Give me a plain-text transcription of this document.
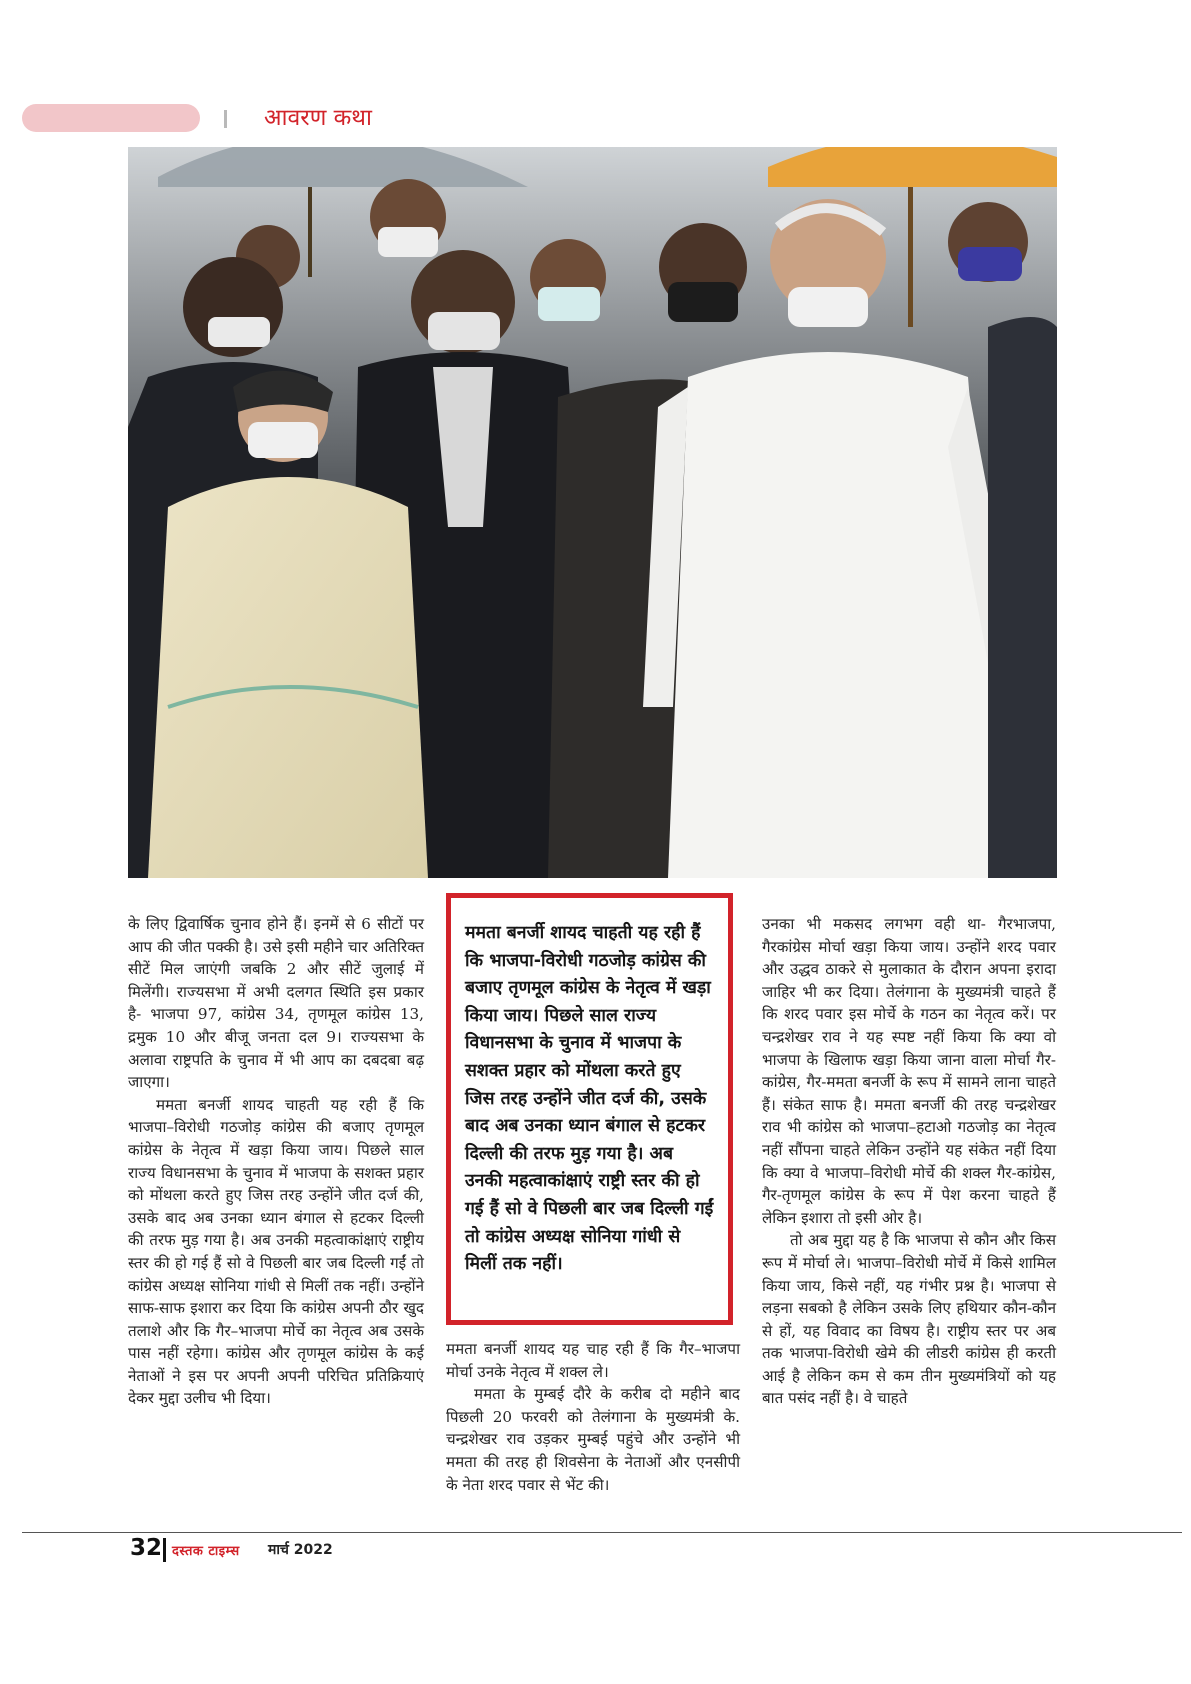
आवरण कथा

के लिए द्विवार्षिक चुनाव होने हैं। इनमें से 6 सीटों पर आप की जीत पक्की है। उसे इसी महीने चार अतिरिक्त सीटें मिल जाएंगी जबकि 2 और सीटें जुलाई में मिलेंगी। राज्यसभा में अभी दलगत स्थिति इस प्रकार है- भाजपा 97, कांग्रेस 34, तृणमूल कांग्रेस 13, द्रमुक 10 और बीजू जनता दल 9। राज्यसभा के अलावा राष्ट्रपति के चुनाव में भी आप का दबदबा बढ़ जाएगा।

ममता बनर्जी शायद चाहती यह रही हैं कि भाजपा–विरोधी गठजोड़ कांग्रेस की बजाए तृणमूल कांग्रेस के नेतृत्व में खड़ा किया जाय। पिछले साल राज्य विधानसभा के चुनाव में भाजपा के सशक्त प्रहार को मोंथला करते हुए जिस तरह उन्होंने जीत दर्ज की, उसके बाद अब उनका ध्यान बंगाल से हटकर दिल्ली की तरफ मुड़ गया है। अब उनकी महत्वाकांक्षाएं राष्ट्रीय स्तर की हो गई हैं सो वे पिछली बार जब दिल्ली गईं तो कांग्रेस अध्यक्ष सोनिया गांधी से मिलीं तक नहीं। उन्होंने साफ-साफ इशारा कर दिया कि कांग्रेस अपनी ठौर खुद तलाशे और कि गैर–भाजपा मोर्चे का नेतृत्व अब उसके पास नहीं रहेगा। कांग्रेस और तृणमूल कांग्रेस के कई नेताओं ने इस पर अपनी अपनी परिचित प्रतिक्रियाएं देकर मुद्दा उलीच भी दिया।

ममता बनर्जी शायद चाहती यह रही हैं कि भाजपा-विरोधी गठजोड़ कांग्रेस की बजाए तृणमूल कांग्रेस के नेतृत्व में खड़ा किया जाय। पिछले साल राज्य विधानसभा के चुनाव में भाजपा के सशक्त प्रहार को मोंथला करते हुए जिस तरह उन्होंने जीत दर्ज की, उसके बाद अब उनका ध्यान बंगाल से हटकर दिल्ली की तरफ मुड़ गया है। अब उनकी महत्वाकांक्षाएं राष्ट्री स्तर की हो गई हैं सो वे पिछली बार जब दिल्ली गईं तो कांग्रेस अध्यक्ष सोनिया गांधी से मिलीं तक नहीं।

ममता बनर्जी शायद यह चाह रही हैं कि गैर–भाजपा मोर्चा उनके नेतृत्व में शक्ल ले।

ममता के मुम्बई दौरे के करीब दो महीने बाद पिछली 20 फरवरी को तेलंगाना के मुख्यमंत्री के. चन्द्रशेखर राव उड़कर मुम्बई पहुंचे और उन्होंने भी ममता की तरह ही शिवसेना के नेताओं और एनसीपी के नेता शरद पवार से भेंट की।

उनका भी मकसद लगभग वही था- गैरभाजपा, गैरकांग्रेस मोर्चा खड़ा किया जाय। उन्होंने शरद पवार और उद्धव ठाकरे से मुलाकात के दौरान अपना इरादा जाहिर भी कर दिया। तेलंगाना के मुख्यमंत्री चाहते हैं कि शरद पवार इस मोर्चे के गठन का नेतृत्व करें। पर चन्द्रशेखर राव ने यह स्पष्ट नहीं किया कि क्या वो भाजपा के खिलाफ खड़ा किया जाना वाला मोर्चा गैर-कांग्रेस, गैर-ममता बनर्जी के रूप में सामने लाना चाहते हैं। संकेत साफ है। ममता बनर्जी की तरह चन्द्रशेखर राव भी कांग्रेस को भाजपा–हटाओ गठजोड़ का नेतृत्व नहीं सौंपना चाहते लेकिन उन्होंने यह संकेत नहीं दिया कि क्या वे भाजपा–विरोधी मोर्चे की शक्ल गैर-कांग्रेस, गैर-तृणमूल कांग्रेस के रूप में पेश करना चाहते हैं लेकिन इशारा तो इसी ओर है।

तो अब मुद्दा यह है कि भाजपा से कौन और किस रूप में मोर्चा ले। भाजपा–विरोधी मोर्चे में किसे शामिल किया जाय, किसे नहीं, यह गंभीर प्रश्न है। भाजपा से लड़ना सबको है लेकिन उसके लिए हथियार कौन-कौन से हों, यह विवाद का विषय है। राष्ट्रीय स्तर पर अब तक भाजपा-विरोधी खेमे की लीडरी कांग्रेस ही करती आई है लेकिन कम से कम तीन मुख्यमंत्रियों को यह बात पसंद नहीं है। वे चाहते

32 दस्तक टाइम्स मार्च 2022
